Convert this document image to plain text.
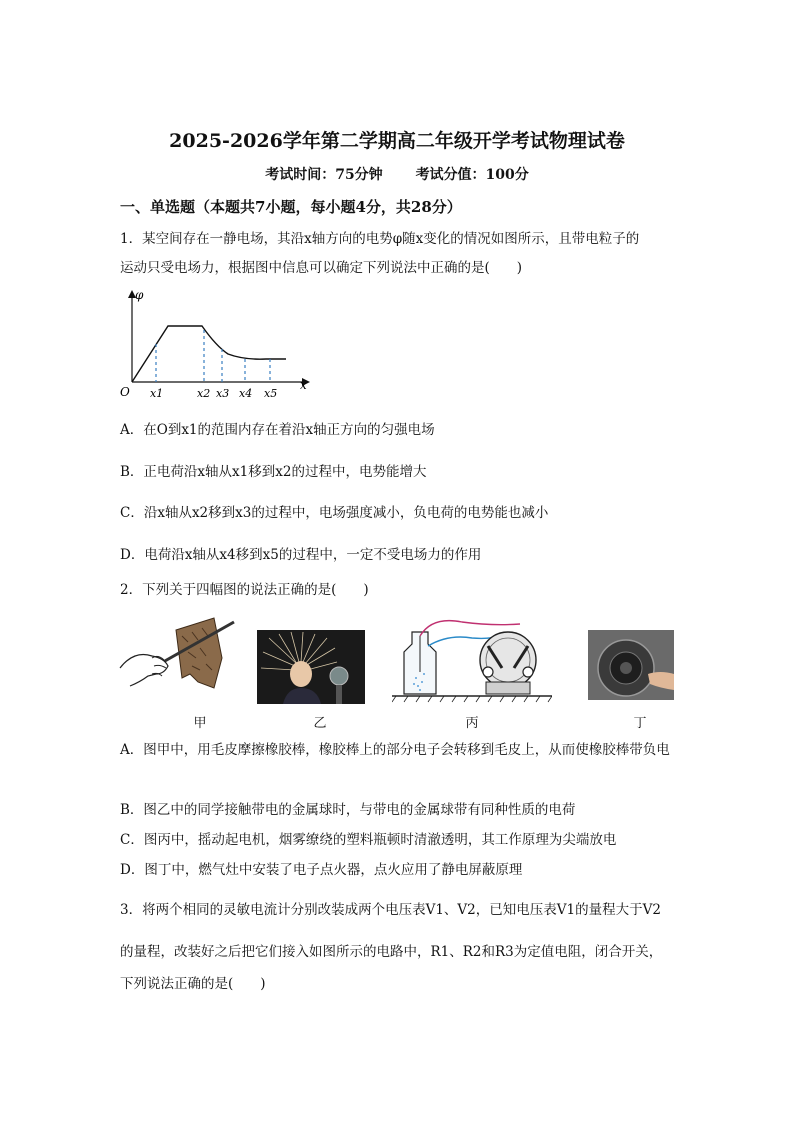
2025-2026学年第二学期高二年级开学考试物理试卷
考试时间：75分钟 考试分值：100分
一、单选题（本题共7小题，每小题4分，共28分）
1．某空间存在一静电场，其沿x轴方向的电势φ随x变化的情况如图所示，且带电粒子的
运动只受电场力，根据图中信息可以确定下列说法中正确的是(　　)
φ
x
O x1	x2 x3 x4 x5
A．在O到x1的范围内存在着沿x轴正方向的匀强电场
B．正电荷沿x轴从x1移到x2的过程中，电势能增大
C．沿x轴从x2移到x3的过程中，电场强度减小，负电荷的电势能也减小
D．电荷沿x轴从x4移到x5的过程中，一定不受电场力的作用
2．下列关于四幅图的说法正确的是(　　)
甲	乙	丙	丁
A．图甲中，用毛皮摩擦橡胶棒，橡胶棒上的部分电子会转移到毛皮上，从而使橡胶棒带负电
B．图乙中的同学接触带电的金属球时，与带电的金属球带有同种性质的电荷
C．图丙中，摇动起电机，烟雾缭绕的塑料瓶顿时清澈透明，其工作原理为尖端放电
D．图丁中，燃气灶中安装了电子点火器，点火应用了静电屏蔽原理
3．将两个相同的灵敏电流计分别改装成两个电压表V1、V2，已知电压表V1的量程大于V2
的量程，改装好之后把它们接入如图所示的电路中，R1、R2和R3为定值电阻，闭合开关，
下列说法正确的是(　　)
